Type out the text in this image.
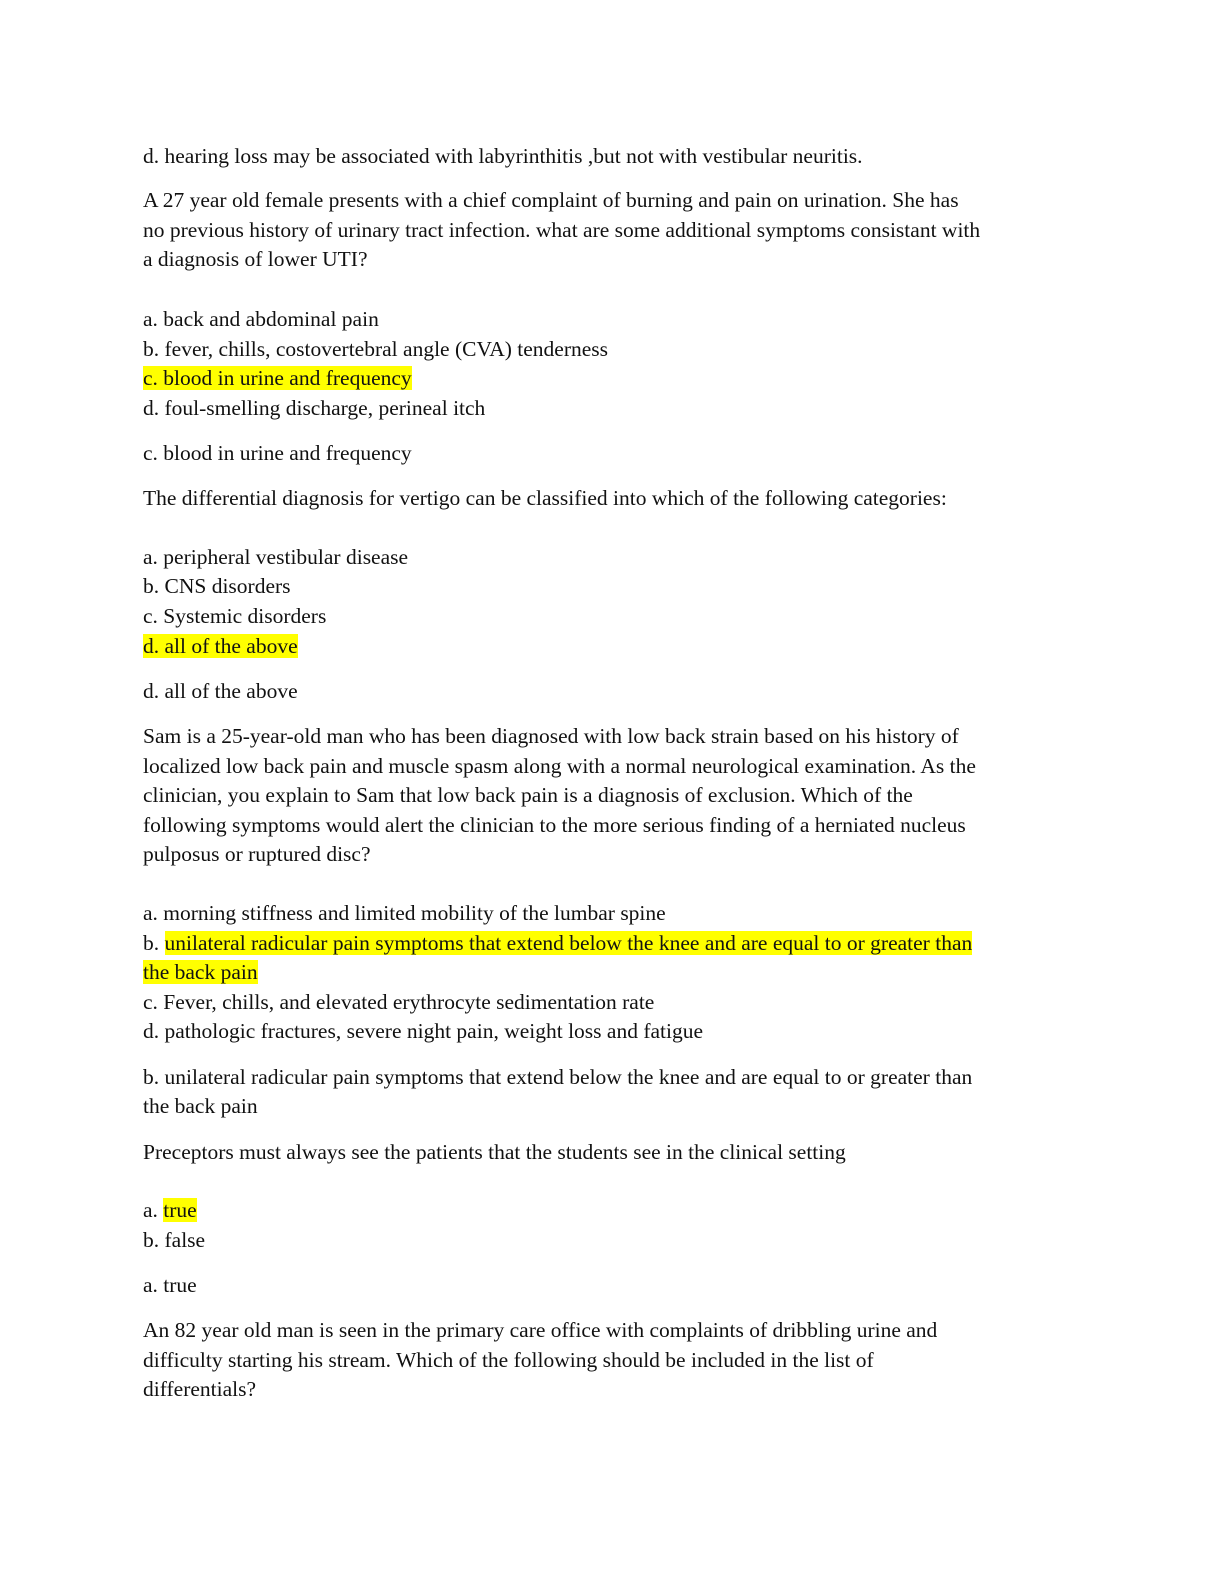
d. hearing loss may be associated with labyrinthitis ,but not with vestibular neuritis.
A 27 year old female presents with a chief complaint of burning and pain on urination. She has
no previous history of urinary tract infection. what are some additional symptoms consistant with
a diagnosis of lower UTI?
a. back and abdominal pain
b. fever, chills, costovertebral angle (CVA) tenderness
c. blood in urine and frequency
d. foul-smelling discharge, perineal itch
c. blood in urine and frequency
The differential diagnosis for vertigo can be classified into which of the following categories:
a. peripheral vestibular disease
b. CNS disorders
c. Systemic disorders
d. all of the above
d. all of the above
Sam is a 25-year-old man who has been diagnosed with low back strain based on his history of
localized low back pain and muscle spasm along with a normal neurological examination. As the
clinician, you explain to Sam that low back pain is a diagnosis of exclusion. Which of the
following symptoms would alert the clinician to the more serious finding of a herniated nucleus
pulposus or ruptured disc?
a. morning stiffness and limited mobility of the lumbar spine
b. unilateral radicular pain symptoms that extend below the knee and are equal to or greater than
the back pain
c. Fever, chills, and elevated erythrocyte sedimentation rate
d. pathologic fractures, severe night pain, weight loss and fatigue
b. unilateral radicular pain symptoms that extend below the knee and are equal to or greater than
the back pain
Preceptors must always see the patients that the students see in the clinical setting
a. true
b. false
a. true
An 82 year old man is seen in the primary care office with complaints of dribbling urine and
difficulty starting his stream. Which of the following should be included in the list of
differentials?
